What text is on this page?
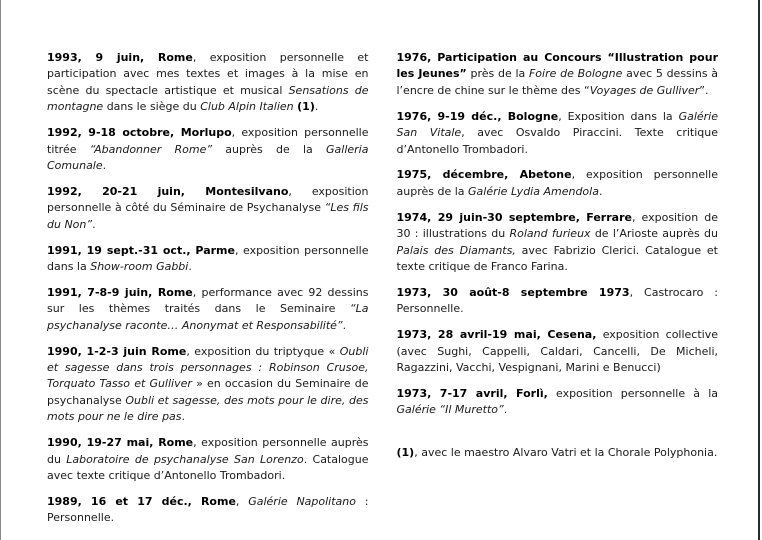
1993, 9 juin, Rome, exposition personnelle et participation avec mes textes et images à la mise en scène du spectacle artistique et musical Sensations de montagne dans le siège du Club Alpin Italien (1).
1992, 9-18 octobre, Morlupo, exposition personnelle titrée “Abandonner Rome” auprès de la Galleria Comunale.
1992, 20-21 juin, Montesilvano, exposition personnelle à côté du Séminaire de Psychanalyse “Les fils du Non”.
1991, 19 sept.-31 oct., Parme, exposition personnelle dans la Show-room Gabbi.
1991, 7-8-9 juin, Rome, performance avec 92 dessins sur les thèmes traités dans le Seminaire “La psychanalyse raconte… Anonymat et Responsabilité”.
1990, 1-2-3 juin Rome, exposition du triptyque « Oubli et sagesse dans trois personnages : Robinson Crusoe, Torquato Tasso et Gulliver » en occasion du Seminaire de psychanalyse Oubli et sagesse, des mots pour le dire, des mots pour ne le dire pas.
1990, 19-27 mai, Rome, exposition personnelle auprès du Laboratoire de psychanalyse San Lorenzo. Catalogue avec texte critique d’Antonello Trombadori.
1989, 16 et 17 déc., Rome, Galérie Napolitano : Personnelle.
1976, Participation au Concours “Illustration pour les Jeunes” près de la Foire de Bologne avec 5 dessins à l’encre de chine sur le thème des “Voyages de Gulliver”.
1976, 9-19 déc., Bologne, Exposition dans la Galérie San Vitale, avec Osvaldo Piraccini. Texte critique d’Antonello Trombadori.
1975, décembre, Abetone, exposition personnelle auprès de la Galérie Lydia Amendola.
1974, 29 juin-30 septembre, Ferrare, exposition de 30 : illustrations du Roland furieux de l’Arioste auprès du Palais des Diamants, avec Fabrizio Clerici. Catalogue et texte critique de Franco Farina.
1973, 30 août-8 septembre 1973, Castrocaro : Personnelle.
1973, 28 avril-19 mai, Cesena, exposition collective (avec Sughi, Cappelli, Caldari, Cancelli, De Micheli, Ragazzini, Vacchi, Vespignani, Marini e Benucci)
1973, 7-17 avril, Forlì, exposition personnelle à la Galérie “Il Muretto”.
(1), avec le maestro Alvaro Vatri et la Chorale Polyphonia.
